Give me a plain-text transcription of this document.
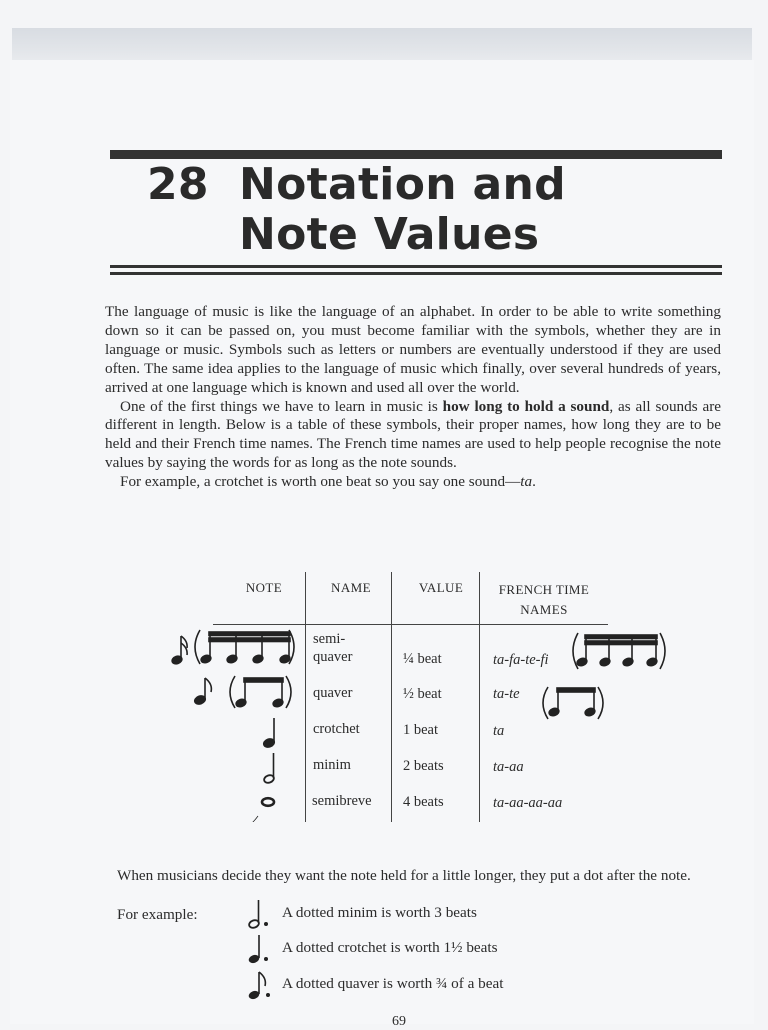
28 Notation and
Note Values

The language of music is like the language of an alphabet. In order to be able to write something down so it can be passed on, you must become familiar with the symbols, whether they are in language or music. Symbols such as letters or numbers are eventually understood if they are used often. The same idea applies to the language of music which finally, over several hundreds of years, arrived at one language which is known and used all over the world.

One of the first things we have to learn in music is how long to hold a sound, as all sounds are different in length. Below is a table of these symbols, their proper names, how long they are to be held and their French time names. The French time names are used to help people recognise the note values by saying the words for as long as the note sounds.

For example, a crotchet is worth one beat so you say one sound—ta.

NOTE	NAME	VALUE	FRENCH TIME
NAMES
semi-
quaver	¼ beat	ta-fa-te-fi
quaver	½ beat	ta-te
crotchet	1 beat	ta
minim	2 beats	ta-aa
semibreve 4 beats	ta-aa-aa-aa

When musicians decide they want the note held for a little longer, they put a dot after the note.

For example:	A dotted minim is worth 3 beats
A dotted crotchet is worth 1½ beats
A dotted quaver is worth ¾ of a beat
69
